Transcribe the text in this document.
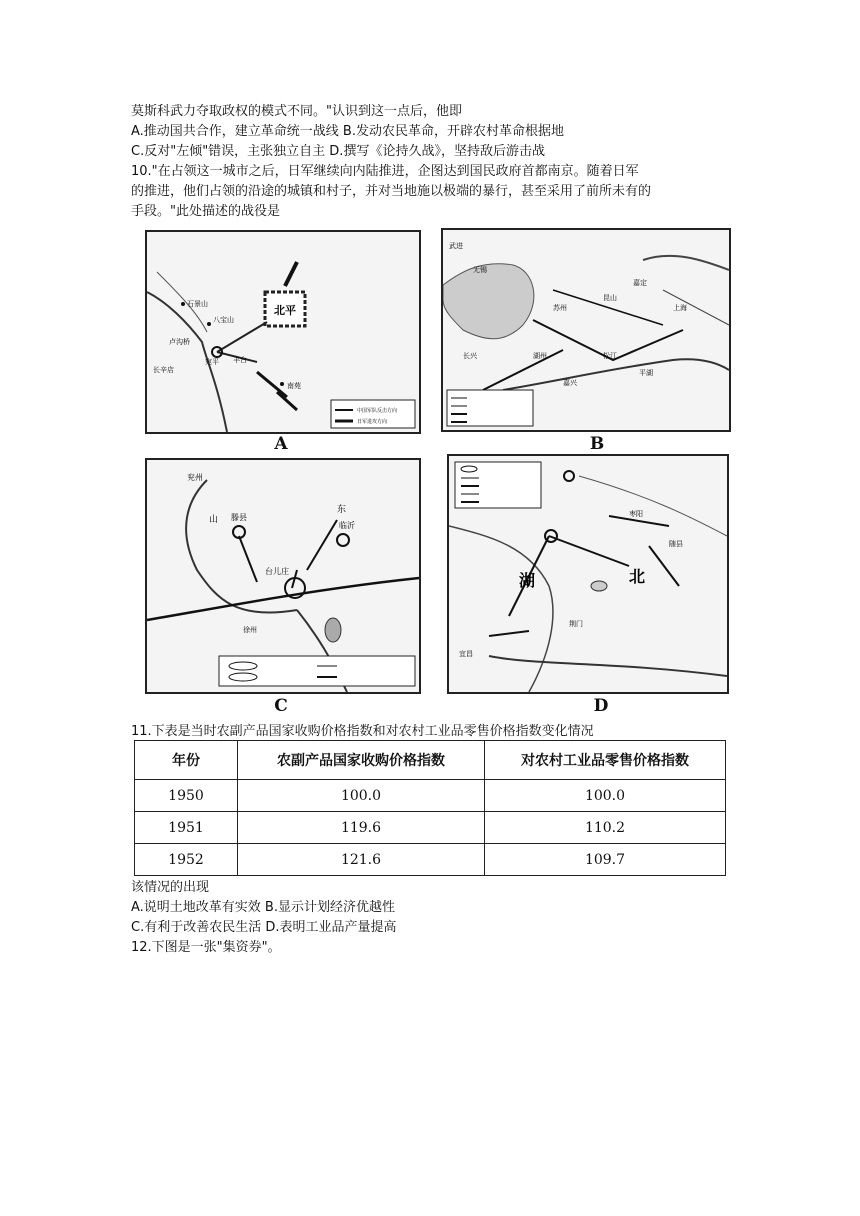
莫斯科武力夺取政权的模式不同。"认识到这一点后，他即
A.推动国共合作，建立革命统一战线 B.发动农民革命，开辟农村革命根据地
C.反对"左倾"错误，主张独立自主 D.撰写《论持久战》，坚持敌后游击战
10."在占领这一城市之后，日军继续向内陆推进，企图达到国民政府首都南京。随着日军
的推进，他们占领的沿途的城镇和村子，并对当地施以极端的暴行，甚至采用了前所未有的
手段。"此处描述的战役是
北平
石景山
八宝山
卢沟桥
宛平 丰台
长辛店
南苑
中国军队反击方向
日军进攻方向
A
武进
无锡
苏州
昆山
嘉定
上海
松江
平湖
嘉兴
湖州
长兴
B
兖州
山 滕县
东
临沂
台儿庄
徐州
C
湖	北
宜昌
荆门
枣阳
随县
D
11.下表是当时农副产品国家收购价格指数和对农村工业品零售价格指数变化情况
年份	农副产品国家收购价格指数	对农村工业品零售价格指数
1950	100.0	100.0
1951	119.6	110.2
1952	121.6	109.7
该情况的出现
A.说明土地改革有实效 B.显示计划经济优越性
C.有利于改善农民生活 D.表明工业品产量提高
12.下图是一张"集资券"。
